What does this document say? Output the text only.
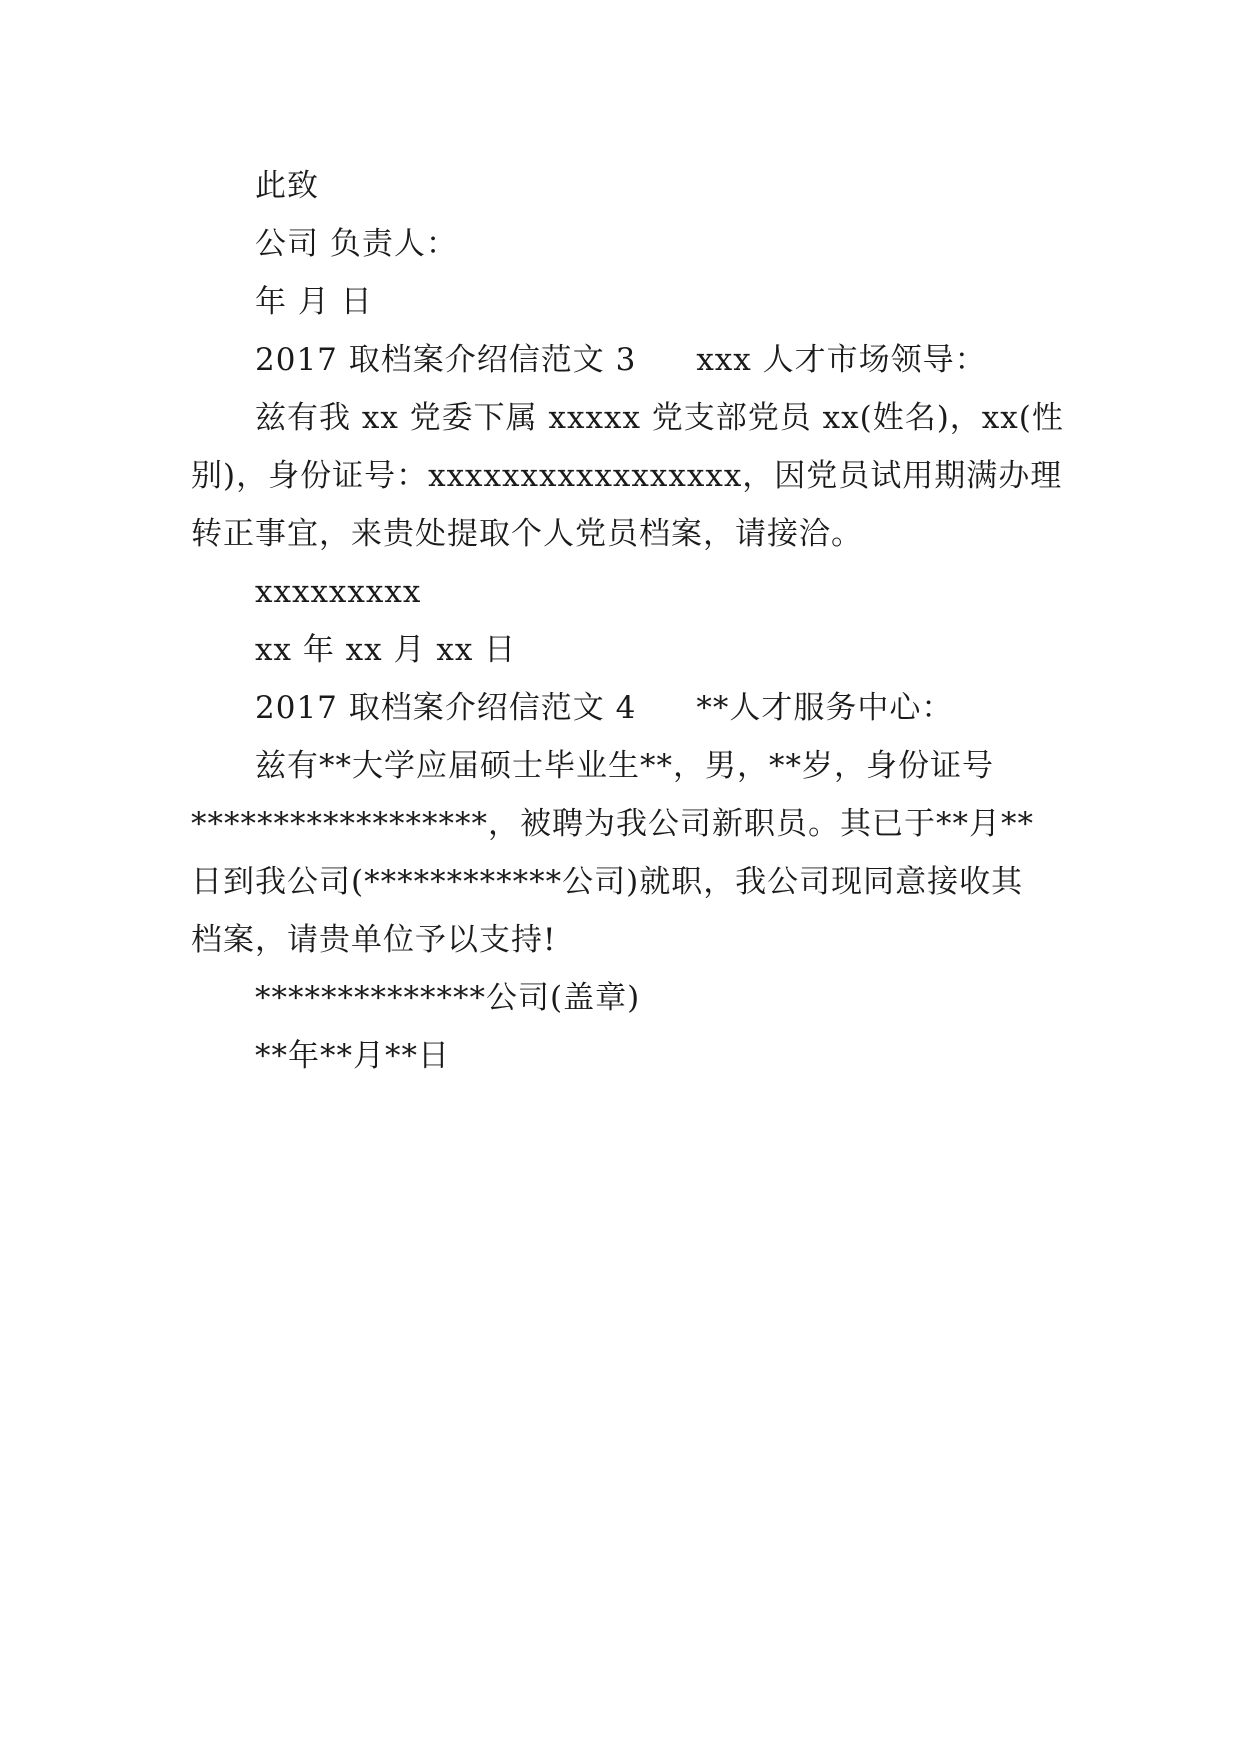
此致

公司 负责人：

年 月 日

2017 取档案介绍信范文 3 xxx 人才市场领导：

兹有我 xx 党委下属 xxxxx 党支部党员 xx(姓名)，xx(性

别)，身份证号：xxxxxxxxxxxxxxxxx，因党员试用期满办理

转正事宜，来贵处提取个人党员档案，请接洽。

xxxxxxxxx

xx 年 xx 月 xx 日

2017 取档案介绍信范文 4 **人才服务中心：

兹有**大学应届硕士毕业生**，男，**岁，身份证号

******************，被聘为我公司新职员。其已于**月**

日到我公司(************公司)就职，我公司现同意接收其

档案，请贵单位予以支持!

**************公司(盖章)

**年**月**日
